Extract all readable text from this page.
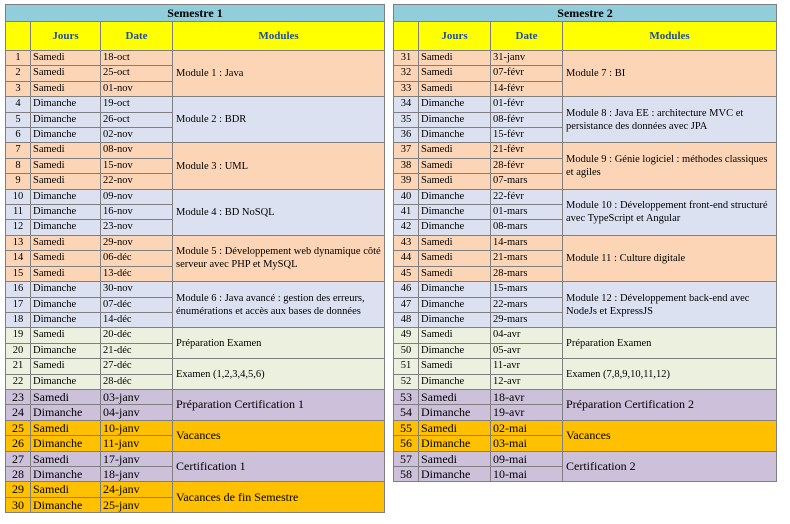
Semestre 1			
	Jours	Date	Modules
1	Samedi	18-oct	Module 1 : Java
2	Samedi	25-oct	
3	Samedi	01-nov	
4	Dimanche	19-oct	Module 2 : BDR
5	Dimanche	26-oct	
6	Dimanche	02-nov	
7	Samedi	08-nov	Module 3 : UML
8	Samedi	15-nov	
9	Samedi	22-nov	
10	Dimanche	09-nov	Module 4 : BD NoSQL
11	Dimanche	16-nov	
12	Dimanche	23-nov	
13	Samedi	29-nov	Module 5 : Développement web dynamique côté serveur avec PHP et MySQL
14	Samedi	06-déc	
15	Samedi	13-déc	
16	Dimanche	30-nov	Module 6 : Java avancé : gestion des erreurs, énumérations et accès aux bases de données
17	Dimanche	07-déc	
18	Dimanche	14-déc	
19	Samedi	20-déc	Préparation Examen
20	Dimanche	21-déc	
21	Samedi	27-déc	Examen (1,2,3,4,5,6)
22	Dimanche	28-déc	
23	Samedi	03-janv	Préparation Certification 1
24	Dimanche	04-janv	
25	Samedi	10-janv	Vacances
26	Dimanche	11-janv	
27	Samedi	17-janv	Certification 1
28	Dimanche	18-janv	
29	Samedi	24-janv	Vacances de fin Semestre
30	Dimanche	25-janv	
Semestre 2			
	Jours	Date	Modules
31	Samedi	31-janv	Module 7 : BI
32	Samedi	07-févr	
33	Samedi	14-févr	
34	Dimanche	01-févr	Module 8 : Java EE : architecture MVC et persistance des données avec JPA
35	Dimanche	08-févr	
36	Dimanche	15-févr	
37	Samedi	21-févr	Module 9 : Génie logiciel : méthodes classiques et agiles
38	Samedi	28-févr	
39	Samedi	07-mars	
40	Dimanche	22-févr	Module 10 : Développement front-end structuré avec TypeScript et Angular
41	Dimanche	01-mars	
42	Dimanche	08-mars	
43	Samedi	14-mars	Module 11 : Culture digitale
44	Samedi	21-mars	
45	Samedi	28-mars	
46	Dimanche	15-mars	Module 12 : Développement back-end avec NodeJs et ExpressJS
47	Dimanche	22-mars	
48	Dimanche	29-mars	
49	Samedi	04-avr	Préparation Examen
50	Dimanche	05-avr	
51	Samedi	11-avr	Examen (7,8,9,10,11,12)
52	Dimanche	12-avr	
53	Samedi	18-avr	Préparation Certification 2
54	Dimanche	19-avr	
55	Samedi	02-mai	Vacances
56	Dimanche	03-mai	
57	Samedi	09-mai	Certification 2
58	Dimanche	10-mai	
